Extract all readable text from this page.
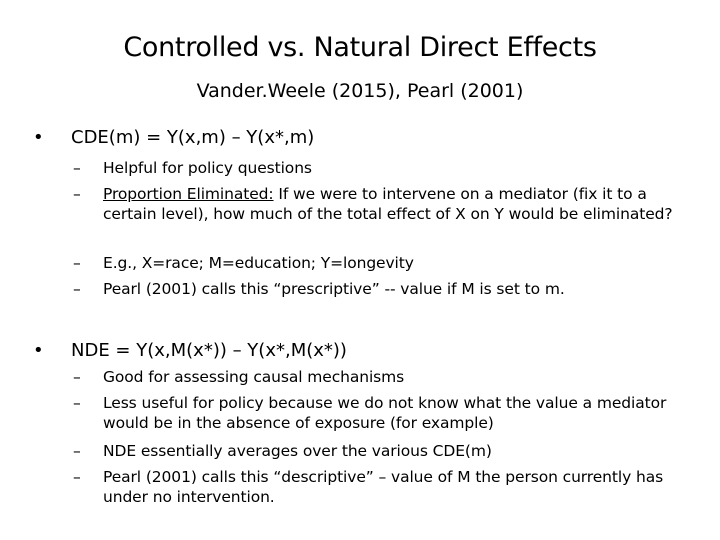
Controlled vs. Natural Direct Effects
Vander.Weele (2015), Pearl (2001)
• CDE(m) = Y(x,m) – Y(x*,m)
– Helpful for policy questions
– Proportion Eliminated: If we were to intervene on a mediator (fix it to a certain level), how much of the total effect of X on Y would be eliminated?
– E.g., X=race; M=education; Y=longevity
– Pearl (2001) calls this “prescriptive” -- value if M is set to m.
• NDE = Y(x,M(x*)) – Y(x*,M(x*))
– Good for assessing causal mechanisms
– Less useful for policy because we do not know what the value a mediator would be in the absence of exposure (for example)
– NDE essentially averages over the various CDE(m)
– Pearl (2001) calls this “descriptive” – value of M the person currently has under no intervention.
